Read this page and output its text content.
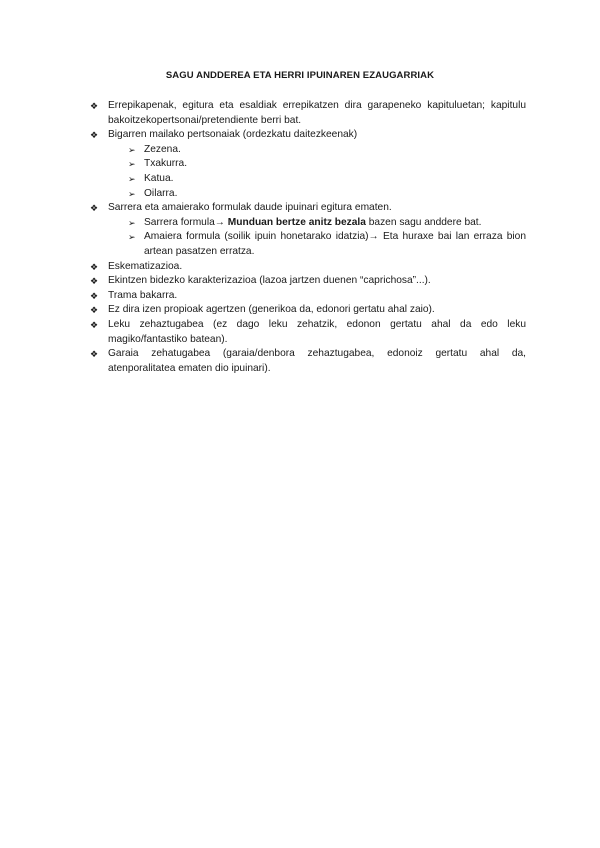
SAGU ANDDEREA ETA HERRI IPUINAREN EZAUGARRIAK
❖ Errepikapenak, egitura eta esaldiak errepikatzen dira garapeneko kapituluetan; kapitulu bakoitzekopertsonai/pretendiente berri bat.
❖ Bigarren mailako pertsonaiak (ordezkatu daitezkeenak)
➢ Zezena.
➢ Txakurra.
➢ Katua.
➢ Oilarra.
❖ Sarrera eta amaierako formulak daude ipuinari egitura ematen.
➢ Sarrera formula→ Munduan bertze anitz bezala bazen sagu anddere bat.
➢ Amaiera formula (soilik ipuin honetarako idatzia)→ Eta huraxe bai lan erraza bion artean pasatzen erratza.
❖ Eskematizazioa.
❖ Ekintzen bidezko karakterizazioa (lazoa jartzen duenen “caprichosa”...).
❖ Trama bakarra.
❖ Ez dira izen propioak agertzen (generikoa da, edonori gertatu ahal zaio).
❖ Leku zehaztugabea (ez dago leku zehatzik, edonon gertatu ahal da edo leku magiko/fantastiko batean).
❖ Garaia zehatugabea (garaia/denbora zehaztugabea, edonoiz gertatu ahal da, atenporalitatea ematen dio ipuinari).
